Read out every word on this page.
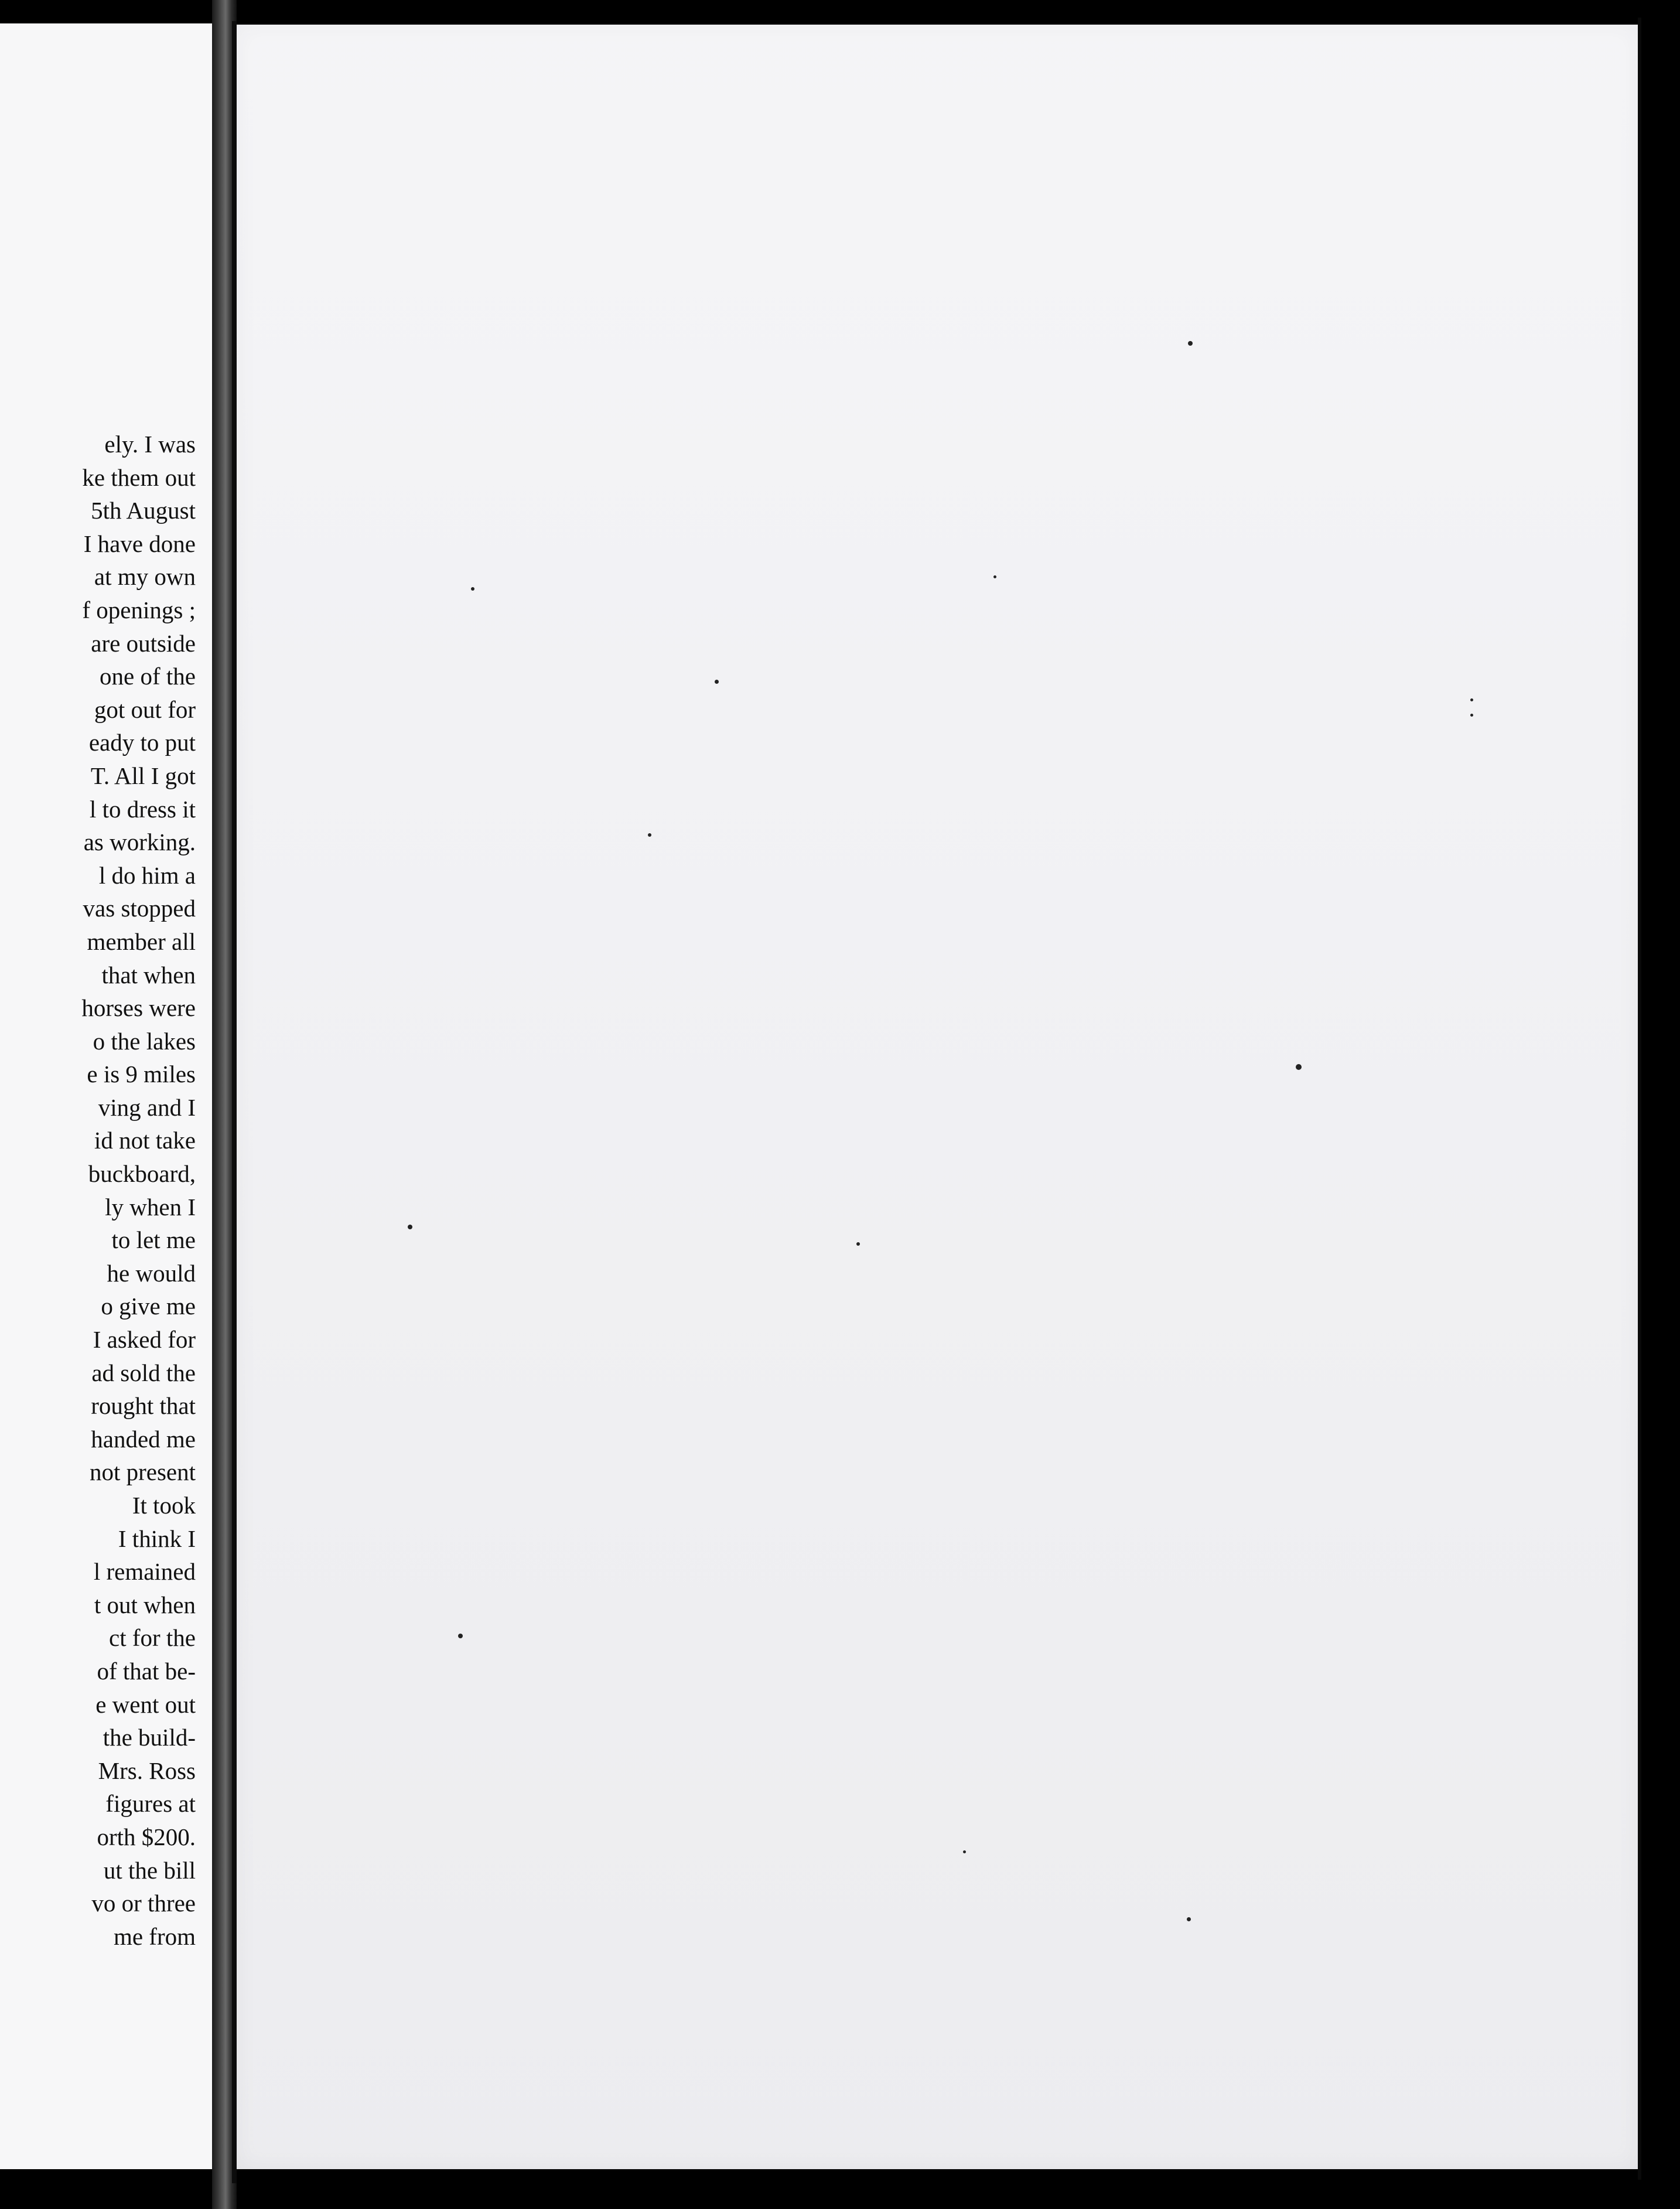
ely. I was
ke them out
5th August
I have done
at my own
f openings ;
are outside
one of the
got out for
eady to put
T. All I got
l to dress it
as working.
l do him a
vas stopped
member all
that when
horses were
o the lakes
e is 9 miles
ving and I
id not take
buckboard,
ly when I
to let me
he would
o give me
I asked for
ad sold the
rought that
handed me
not present
It took
I think I
l remained
t out when
ct for the
of that be-
e went out
the build-
Mrs. Ross
figures at
orth $200.
ut the bill
vo or three
me from
